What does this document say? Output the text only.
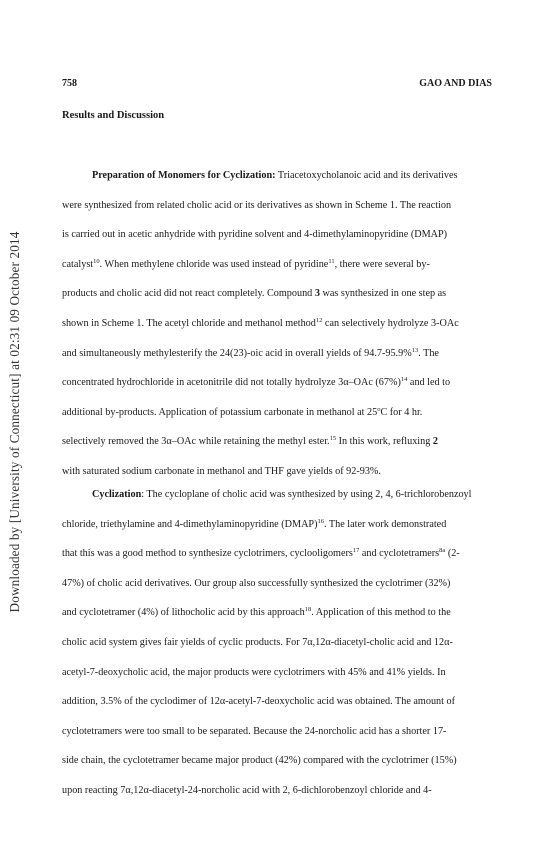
Downloaded by [University of Connecticut] at 02:31 09 October 2014
758	GAO AND DIAS
Results and Discussion
Preparation of Monomers for Cyclization: Triacetoxycholanoic acid and its derivatives
were synthesized from related cholic acid or its derivatives as shown in Scheme 1. The reaction
is carried out in acetic anhydride with pyridine solvent and 4-dimethylaminopyridine (DMAP)
catalyst$^{10}$. When methylene chloride was used instead of pyridine$^{11}$, there were several by-
products and cholic acid did not react completely. Compound 3 was synthesized in one step as
shown in Scheme 1. The acetyl chloride and methanol method$^{12}$ can selectively hydrolyze 3-OAc
and simultaneously methylesterify the 24(23)-oic acid in overall yields of 94.7-95.9%$^{13}$. The
concentrated hydrochloride in acetonitrile did not totally hydrolyze 3α–OAc $(67\%)^{14}$ and led to
additional by-products. Application of potassium carbonate in methanol at 25$^o$C for 4 hr.
selectively removed the 3α–OAc while retaining the methyl ester.$^{15}$ In this work, refluxing 2
with saturated sodium carbonate in methanol and THF gave yields of 92-93%.
Cyclization: The cycloplane of cholic acid was synthesized by using 2, 4, 6-trichlorobenzoyl
chloride, triethylamine and 4-dimethylaminopyridine (DMAP)$^{16}$. The later work demonstrated
that this was a good method to synthesize cyclotrimers, cyclooligomers$^{17}$ and cyclotetramers$^{8a}$ (2-
47%) of cholic acid derivatives. Our group also successfully synthesized the cyclotrimer (32%)
and cyclotetramer (4%) of lithocholic acid by this approach$^{18}$. Application of this method to the
cholic acid system gives fair yields of cyclic products. For 7α,12α-diacetyl-cholic acid and 12α-
acetyl-7-deoxycholic acid, the major products were cyclotrimers with 45% and 41% yields. In
addition, 3.5% of the cyclodimer of 12α-acetyl-7-deoxycholic acid was obtained. The amount of
cyclotetramers were too small to be separated. Because the 24-norcholic acid has a shorter 17-
side chain, the cyclotetramer became major product (42%) compared with the cyclotrimer (15%)
upon reacting 7α,12α-diacetyl-24-norcholic acid with 2, 6-dichlorobenzoyl chloride and 4-
